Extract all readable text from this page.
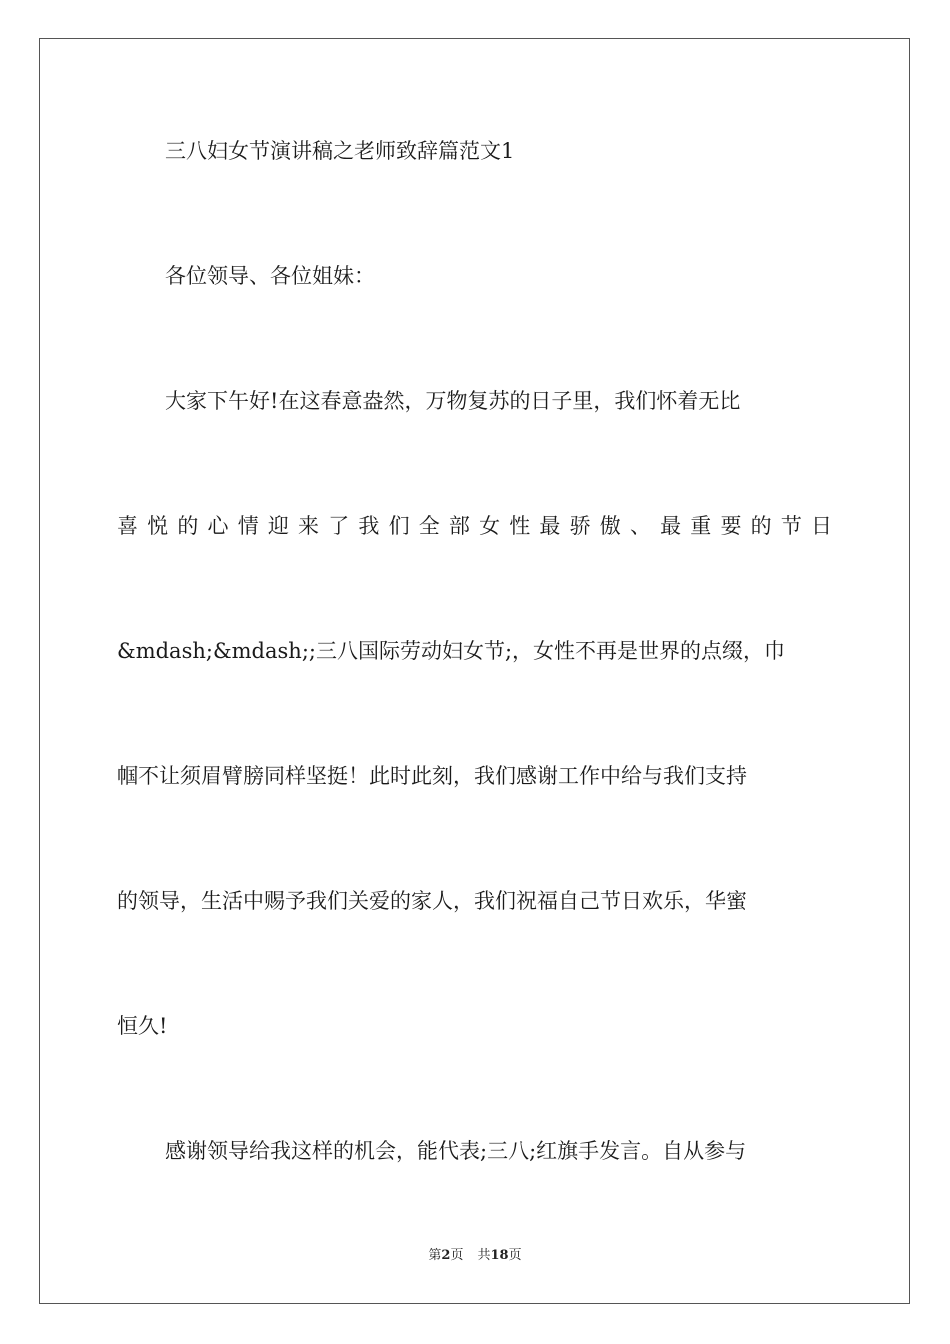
三八妇女节演讲稿之老师致辞篇范文1
各位领导、各位姐妹：
大家下午好!在这春意盎然，万物复苏的日子里，我们怀着无比
喜悦的心情迎来了我们全部女性最骄傲、最重要的节日
&mdash;&mdash;;三八国际劳动妇女节;，女性不再是世界的点缀，巾
帼不让须眉臂膀同样坚挺！此时此刻，我们感谢工作中给与我们支持
的领导，生活中赐予我们关爱的家人，我们祝福自己节日欢乐，华蜜
恒久!
感谢领导给我这样的机会，能代表;三八;红旗手发言。自从参与
第2页 共18页
